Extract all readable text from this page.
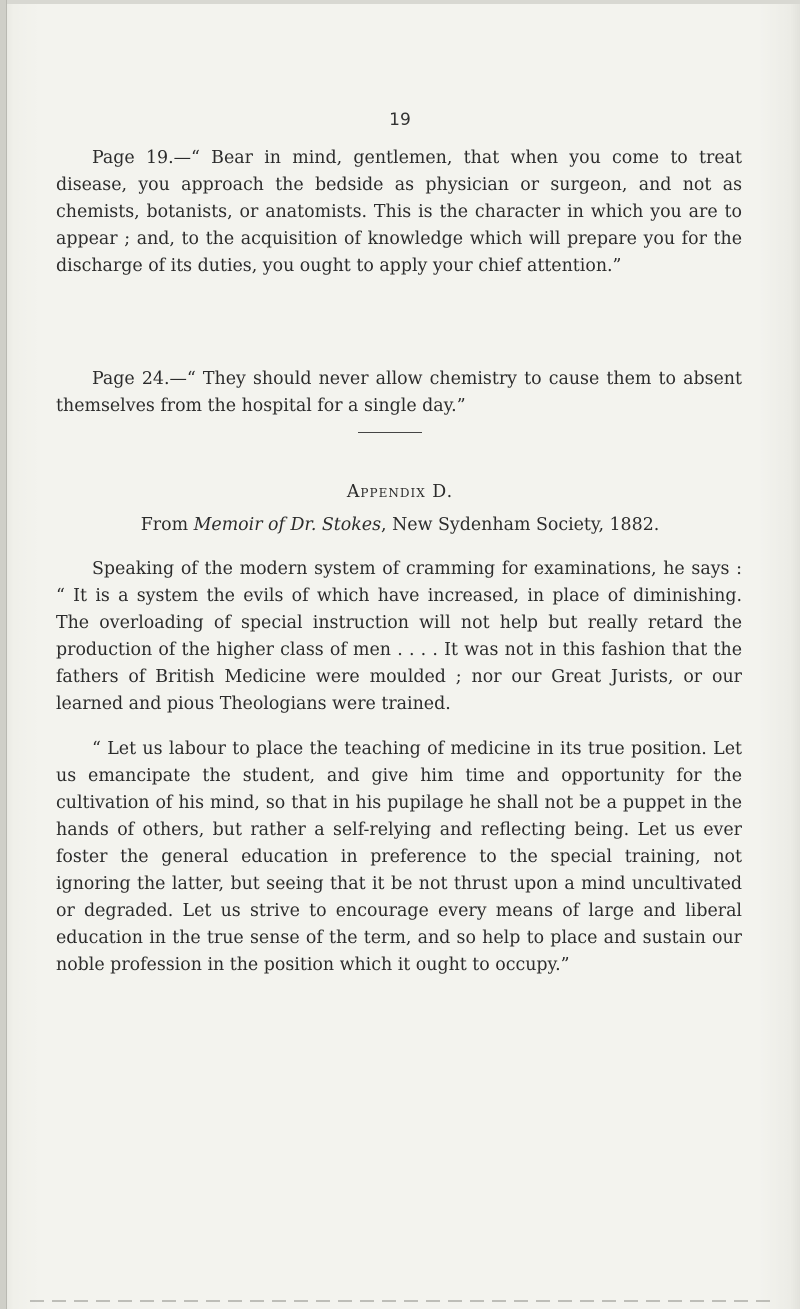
19

Page 19.—“ Bear in mind, gentlemen, that when you come to treat disease, you approach the bedside as physician or surgeon, and not as chemists, botanists, or anatomists. This is the character in which you are to appear ; and, to the acquisition of knowledge which will prepare you for the discharge of its duties, you ought to apply your chief attention.”

Page 24.—“ They should never allow chemistry to cause them to absent themselves from the hospital for a single day.”

Appendix D.
From Memoir of Dr. Stokes, New Sydenham Society, 1882.

Speaking of the modern system of cramming for examinations, he says : “ It is a system the evils of which have increased, in place of diminishing. The overloading of special instruction will not help but really retard the production of the higher class of men . . . . It was not in this fashion that the fathers of British Medicine were moulded ; nor our Great Jurists, or our learned and pious Theologians were trained.

“ Let us labour to place the teaching of medicine in its true position. Let us emancipate the student, and give him time and opportunity for the cultivation of his mind, so that in his pupilage he shall not be a puppet in the hands of others, but rather a self-relying and reflecting being. Let us ever foster the general education in preference to the special training, not ignoring the latter, but seeing that it be not thrust upon a mind uncultivated or degraded. Let us strive to encourage every means of large and liberal education in the true sense of the term, and so help to place and sustain our noble profession in the position which it ought to occupy.”
